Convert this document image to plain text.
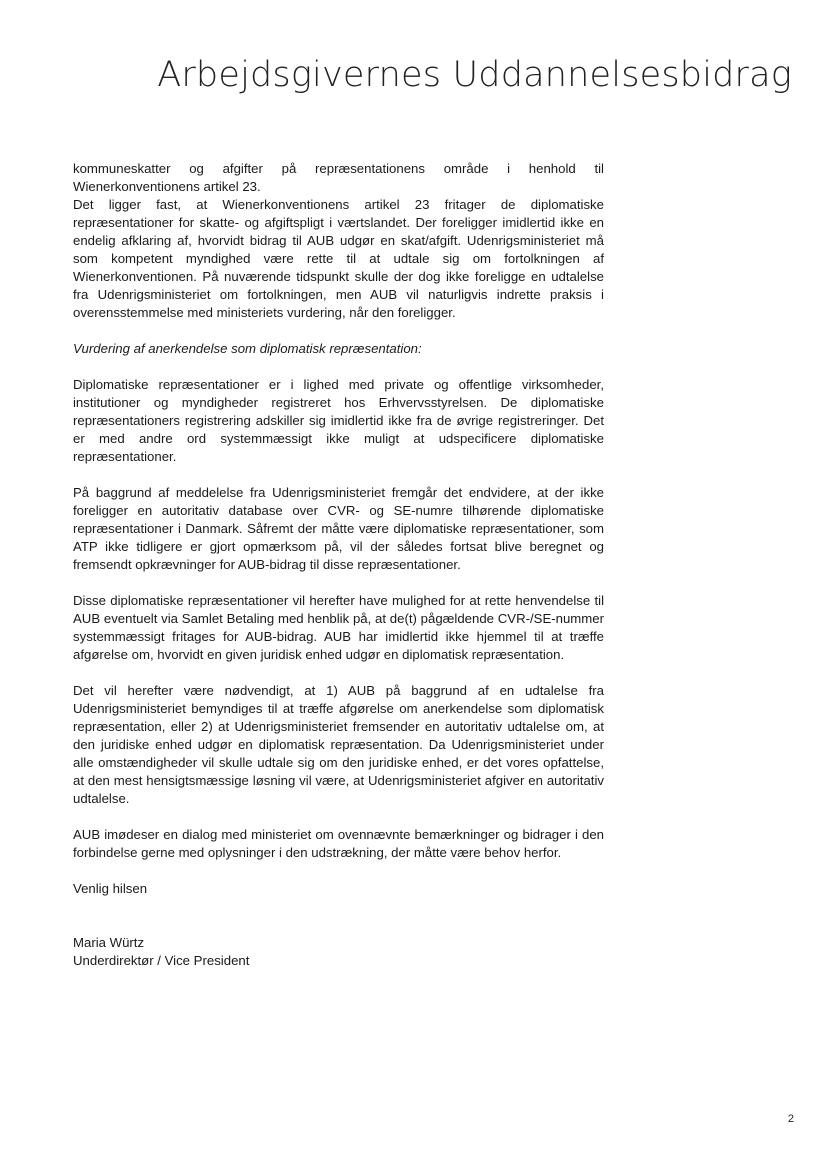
Arbejdsgivernes Uddannelsesbidrag

kommuneskatter og afgifter på repræsentationens område i henhold til Wienerkonventionens artikel 23.

Det ligger fast, at Wienerkonventionens artikel 23 fritager de diplomatiske repræsentationer for skatte- og afgiftspligt i værtslandet. Der foreligger imidlertid ikke en endelig afklaring af, hvorvidt bidrag til AUB udgør en skat/afgift. Udenrigsministeriet må som kompetent myndighed være rette til at udtale sig om fortolkningen af Wienerkonventionen. På nuværende tidspunkt skulle der dog ikke foreligge en udtalelse fra Udenrigsministeriet om fortolkningen, men AUB vil naturligvis indrette praksis i overensstemmelse med ministeriets vurdering, når den foreligger.

Vurdering af anerkendelse som diplomatisk repræsentation:

Diplomatiske repræsentationer er i lighed med private og offentlige virksomheder, institutioner og myndigheder registreret hos Erhvervsstyrelsen. De diplomatiske repræsentationers registrering adskiller sig imidlertid ikke fra de øvrige registreringer. Det er med andre ord systemmæssigt ikke muligt at udspecificere diplomatiske repræsentationer.

På baggrund af meddelelse fra Udenrigsministeriet fremgår det endvidere, at der ikke foreligger en autoritativ database over CVR- og SE-numre tilhørende diplomatiske repræsentationer i Danmark. Såfremt der måtte være diplomatiske repræsentationer, som ATP ikke tidligere er gjort opmærksom på, vil der således fortsat blive beregnet og fremsendt opkrævninger for AUB-bidrag til disse repræsentationer.

Disse diplomatiske repræsentationer vil herefter have mulighed for at rette henvendelse til AUB eventuelt via Samlet Betaling med henblik på, at de(t) pågældende CVR-/SE-nummer systemmæssigt fritages for AUB-bidrag. AUB har imidlertid ikke hjemmel til at træffe afgørelse om, hvorvidt en given juridisk enhed udgør en diplomatisk repræsentation.

Det vil herefter være nødvendigt, at 1) AUB på baggrund af en udtalelse fra Udenrigsministeriet bemyndiges til at træffe afgørelse om anerkendelse som diplomatisk repræsentation, eller 2) at Udenrigsministeriet fremsender en autoritativ udtalelse om, at den juridiske enhed udgør en diplomatisk repræsentation. Da Udenrigsministeriet under alle omstændigheder vil skulle udtale sig om den juridiske enhed, er det vores opfattelse, at den mest hensigtsmæssige løsning vil være, at Udenrigsministeriet afgiver en autoritativ udtalelse.

AUB imødeser en dialog med ministeriet om ovennævnte bemærkninger og bidrager i den forbindelse gerne med oplysninger i den udstrækning, der måtte være behov herfor.

Venlig hilsen

Maria Würtz
Underdirektør / Vice President
2
